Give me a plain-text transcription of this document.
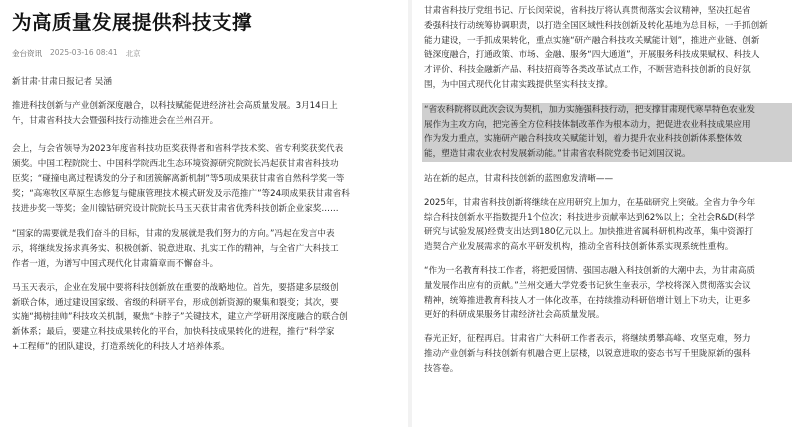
为高质量发展提供科技支撑
金台资讯 2025-03-16 08:41 北京

新甘肃·甘肃日报记者 吴涵

推进科技创新与产业创新深度融合，以科技赋能促进经济社会高质量发展。3月14日上
午，甘肃省科技大会暨强科技行动推进会在兰州召开。

会上，与会省领导为2023年度省科技功臣奖获得者和省科学技术奖、省专利奖获奖代表
颁奖。中国工程院院士、中国科学院西北生态环境资源研究院院长冯起获甘肃省科技功
臣奖；“碰撞电离过程诱发的分子和团簇解离新机制”等5项成果获甘肃省自然科学奖一等
奖；“高寒牧区草原生态修复与健康管理技术模式研发及示范推广”等24项成果获甘肃省科
技进步奖一等奖；金川镍钴研究设计院院长马玉天获甘肃省优秀科技创新企业家奖……

“国家的需要就是我们奋斗的目标，甘肃的发展就是我们努力的方向。”冯起在发言中表
示，将继续发扬求真务实、积极创新、锐意进取、扎实工作的精神，与全省广大科技工
作者一道，为谱写中国式现代化甘肃篇章而不懈奋斗。

马玉天表示，企业在发展中要将科技创新放在重要的战略地位。首先，要搭建多层级创
新联合体，通过建设国家级、省级的科研平台，形成创新资源的聚集和裂变；其次，要
实施“揭榜挂帅”科技攻关机制，聚焦“卡脖子”关键技术，建立产学研用深度融合的联合创
新体系；最后，要建立科技成果转化的平台，加快科技成果转化的进程，推行“科学家
+工程师”的团队建设，打造系统化的科技人才培养体系。

甘肃省科技厅党组书记、厅长闵荣说，省科技厅将认真贯彻落实会议精神，坚决扛起省
委强科技行动统筹协调职责，以打造全国区域性科技创新及转化基地为总目标，一手抓创新
能力建设，一手抓成果转化，重点实施“研产融合科技攻关赋能计划”，推进产业链、创新
链深度融合，打通政策、市场、金融、服务“四大通道”，开展服务科技成果赋权、科技人
才评价、科技金融新产品、科技招商等各类改革试点工作，不断营造科技创新的良好氛
围，为中国式现代化甘肃实践提供坚实科技支撑。

“省农科院将以此次会议为契机，加力实施强科技行动，把支撑甘肃现代寒旱特色农业发
展作为主攻方向，把完善全方位科技体制改革作为根本动力，把促进农业科技成果应用
作为发力重点，实施研产融合科技攻关赋能计划，着力提升农业科技创新体系整体效
能，塑造甘肃农业农村发展新动能。”甘肃省农科院党委书记刘国汉说。

站在新的起点，甘肃科技创新的蓝图愈发清晰——

2025年，甘肃省科技创新将继续在应用研究上加力，在基础研究上突破。全省力争今年
综合科技创新水平指数提升1个位次；科技进步贡献率达到62%以上；全社会R&D(科学
研究与试验发展)经费支出达到180亿元以上。加快推进省属科研机构改革，集中资源打
造契合产业发展需求的高水平研发机构，推动全省科技创新体系实现系统性重构。

“作为一名教育科技工作者，将把爱国情、强国志融入科技创新的大潮中去，为甘肃高质
量发展作出应有的贡献。”兰州交通大学党委书记狄生奎表示，学校将深入贯彻落实会议
精神，统筹推进教育科技人才一体化改革，在持续推动科研倍增计划上下功夫，让更多
更好的科研成果服务甘肃经济社会高质量发展。

春光正好，征程再启。甘肃省广大科研工作者表示，将继续勇攀高峰、攻坚克难，努力
推动产业创新与科技创新有机融合更上层楼，以锐意进取的姿态书写千里陇原新的强科
技答卷。
